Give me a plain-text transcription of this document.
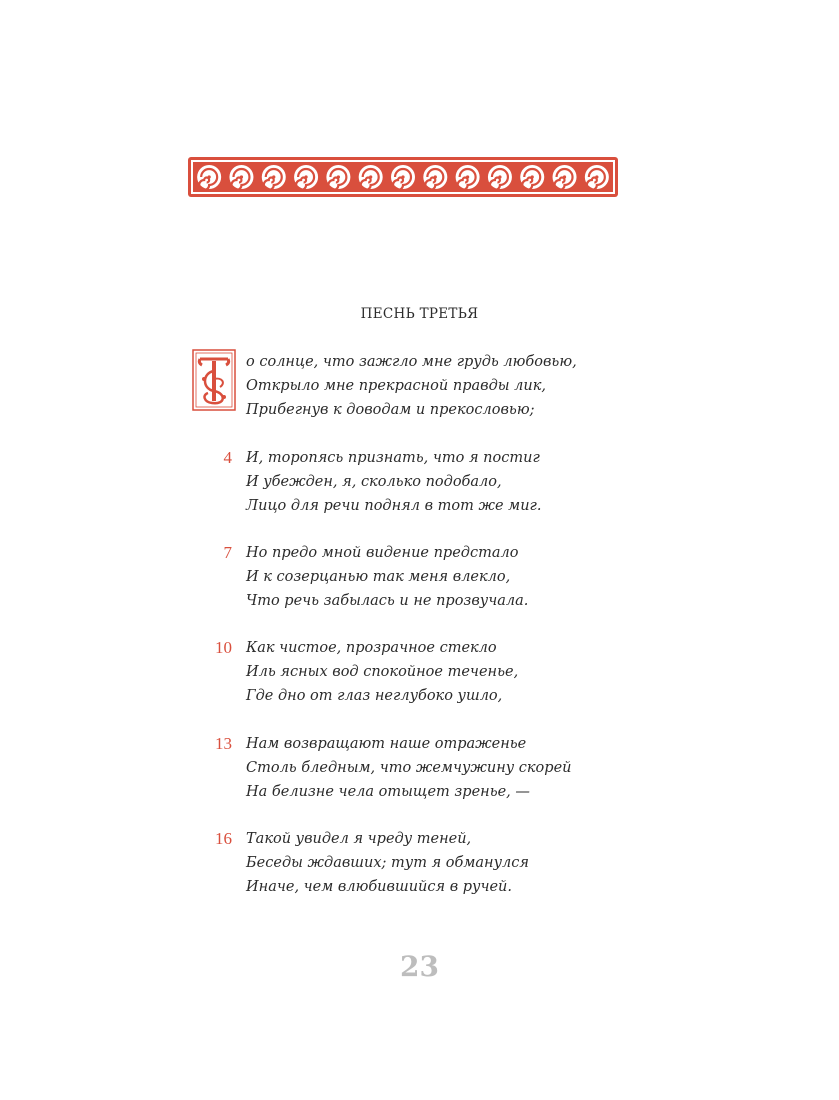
ПЕСНЬ ТРЕТЬЯ
о солнце, что зажгло мне грудь любовью,
Открыло мне прекрасной правды лик,
Прибегнув к доводам и прекословью;
4 И, торопясь признать, что я постиг
И убежден, я, сколько подобало,
Лицо для речи поднял в тот же миг.
7 Но предо мной видение предстало
И к созерцанью так меня влекло,
Что речь забылась и не прозвучала.
10 Как чистое, прозрачное стекло
Иль ясных вод спокойное теченье,
Где дно от глаз неглубоко ушло,
13 Нам возвращают наше отраженье
Столь бледным, что жемчужину скорей
На белизне чела отыщет зренье, —
16 Такой увидел я чреду теней,
Беседы ждавших; тут я обманулся
Иначе, чем влюбившийся в ручей.
23
